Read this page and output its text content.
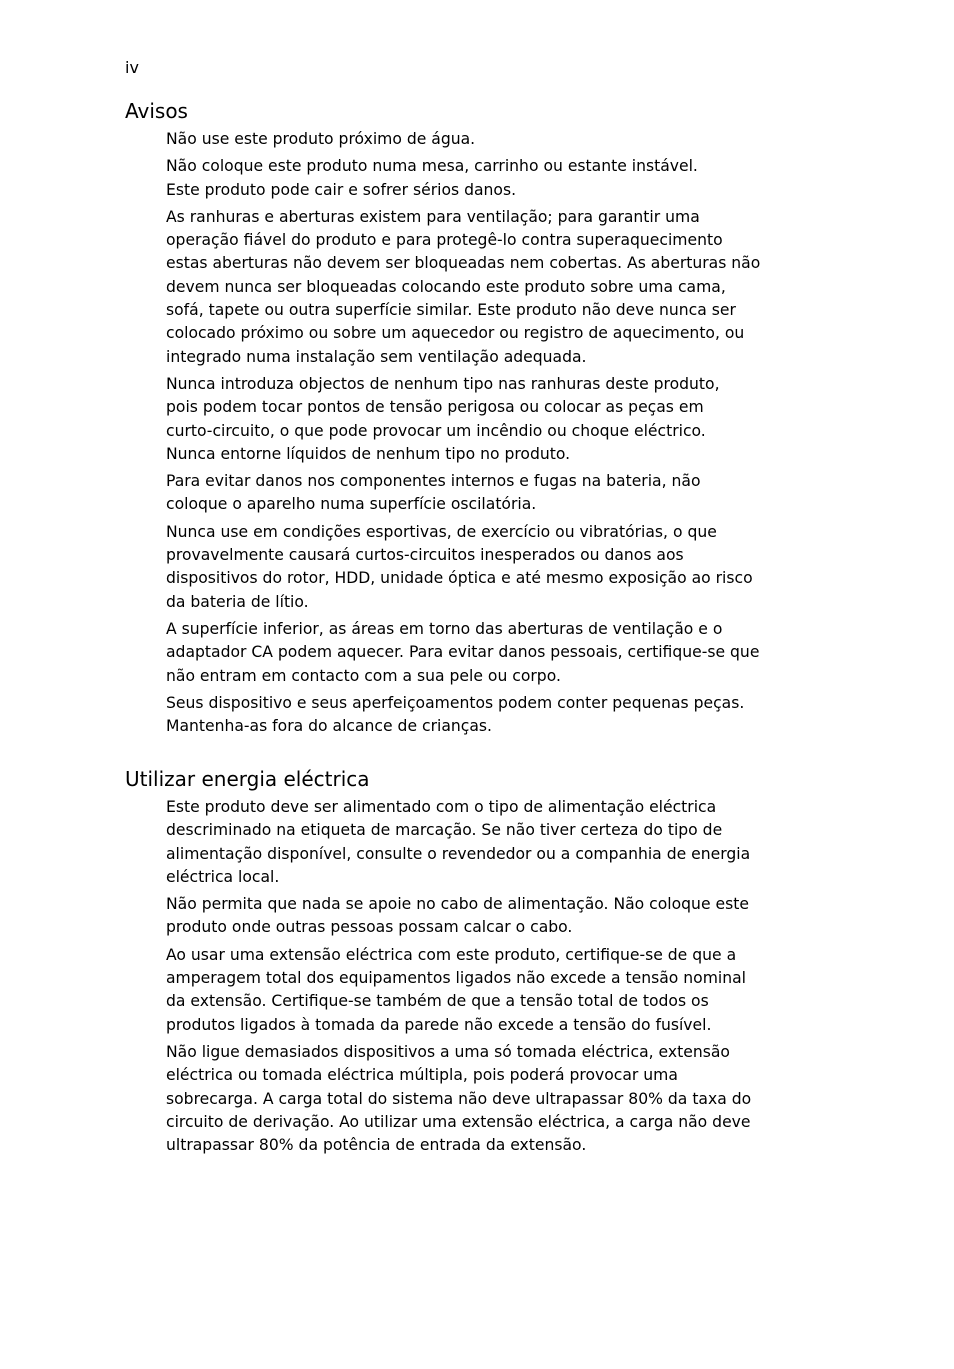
iv
Avisos

Não use este produto próximo de água.

Não coloque este produto numa mesa, carrinho ou estante instável.
Este produto pode cair e sofrer sérios danos.

As ranhuras e aberturas existem para ventilação; para garantir uma
operação fiável do produto e para protegê-lo contra superaquecimento
estas aberturas não devem ser bloqueadas nem cobertas. As aberturas não
devem nunca ser bloqueadas colocando este produto sobre uma cama,
sofá, tapete ou outra superfície similar. Este produto não deve nunca ser
colocado próximo ou sobre um aquecedor ou registro de aquecimento, ou
integrado numa instalação sem ventilação adequada.

Nunca introduza objectos de nenhum tipo nas ranhuras deste produto,
pois podem tocar pontos de tensão perigosa ou colocar as peças em
curto-circuito, o que pode provocar um incêndio ou choque eléctrico.
Nunca entorne líquidos de nenhum tipo no produto.

Para evitar danos nos componentes internos e fugas na bateria, não
coloque o aparelho numa superfície oscilatória.

Nunca use em condições esportivas, de exercício ou vibratórias, o que
provavelmente causará curtos-circuitos inesperados ou danos aos
dispositivos do rotor, HDD, unidade óptica e até mesmo exposição ao risco
da bateria de lítio.

A superfície inferior, as áreas em torno das aberturas de ventilação e o
adaptador CA podem aquecer. Para evitar danos pessoais, certifique-se que
não entram em contacto com a sua pele ou corpo.

Seus dispositivo e seus aperfeiçoamentos podem conter pequenas peças.
Mantenha-as fora do alcance de crianças.

Utilizar energia eléctrica

Este produto deve ser alimentado com o tipo de alimentação eléctrica
descriminado na etiqueta de marcação. Se não tiver certeza do tipo de
alimentação disponível, consulte o revendedor ou a companhia de energia
eléctrica local.

Não permita que nada se apoie no cabo de alimentação. Não coloque este
produto onde outras pessoas possam calcar o cabo.

Ao usar uma extensão eléctrica com este produto, certifique-se de que a
amperagem total dos equipamentos ligados não excede a tensão nominal
da extensão. Certifique-se também de que a tensão total de todos os
produtos ligados à tomada da parede não excede a tensão do fusível.

Não ligue demasiados dispositivos a uma só tomada eléctrica, extensão
eléctrica ou tomada eléctrica múltipla, pois poderá provocar uma
sobrecarga. A carga total do sistema não deve ultrapassar 80% da taxa do
circuito de derivação. Ao utilizar uma extensão eléctrica, a carga não deve
ultrapassar 80% da potência de entrada da extensão.
